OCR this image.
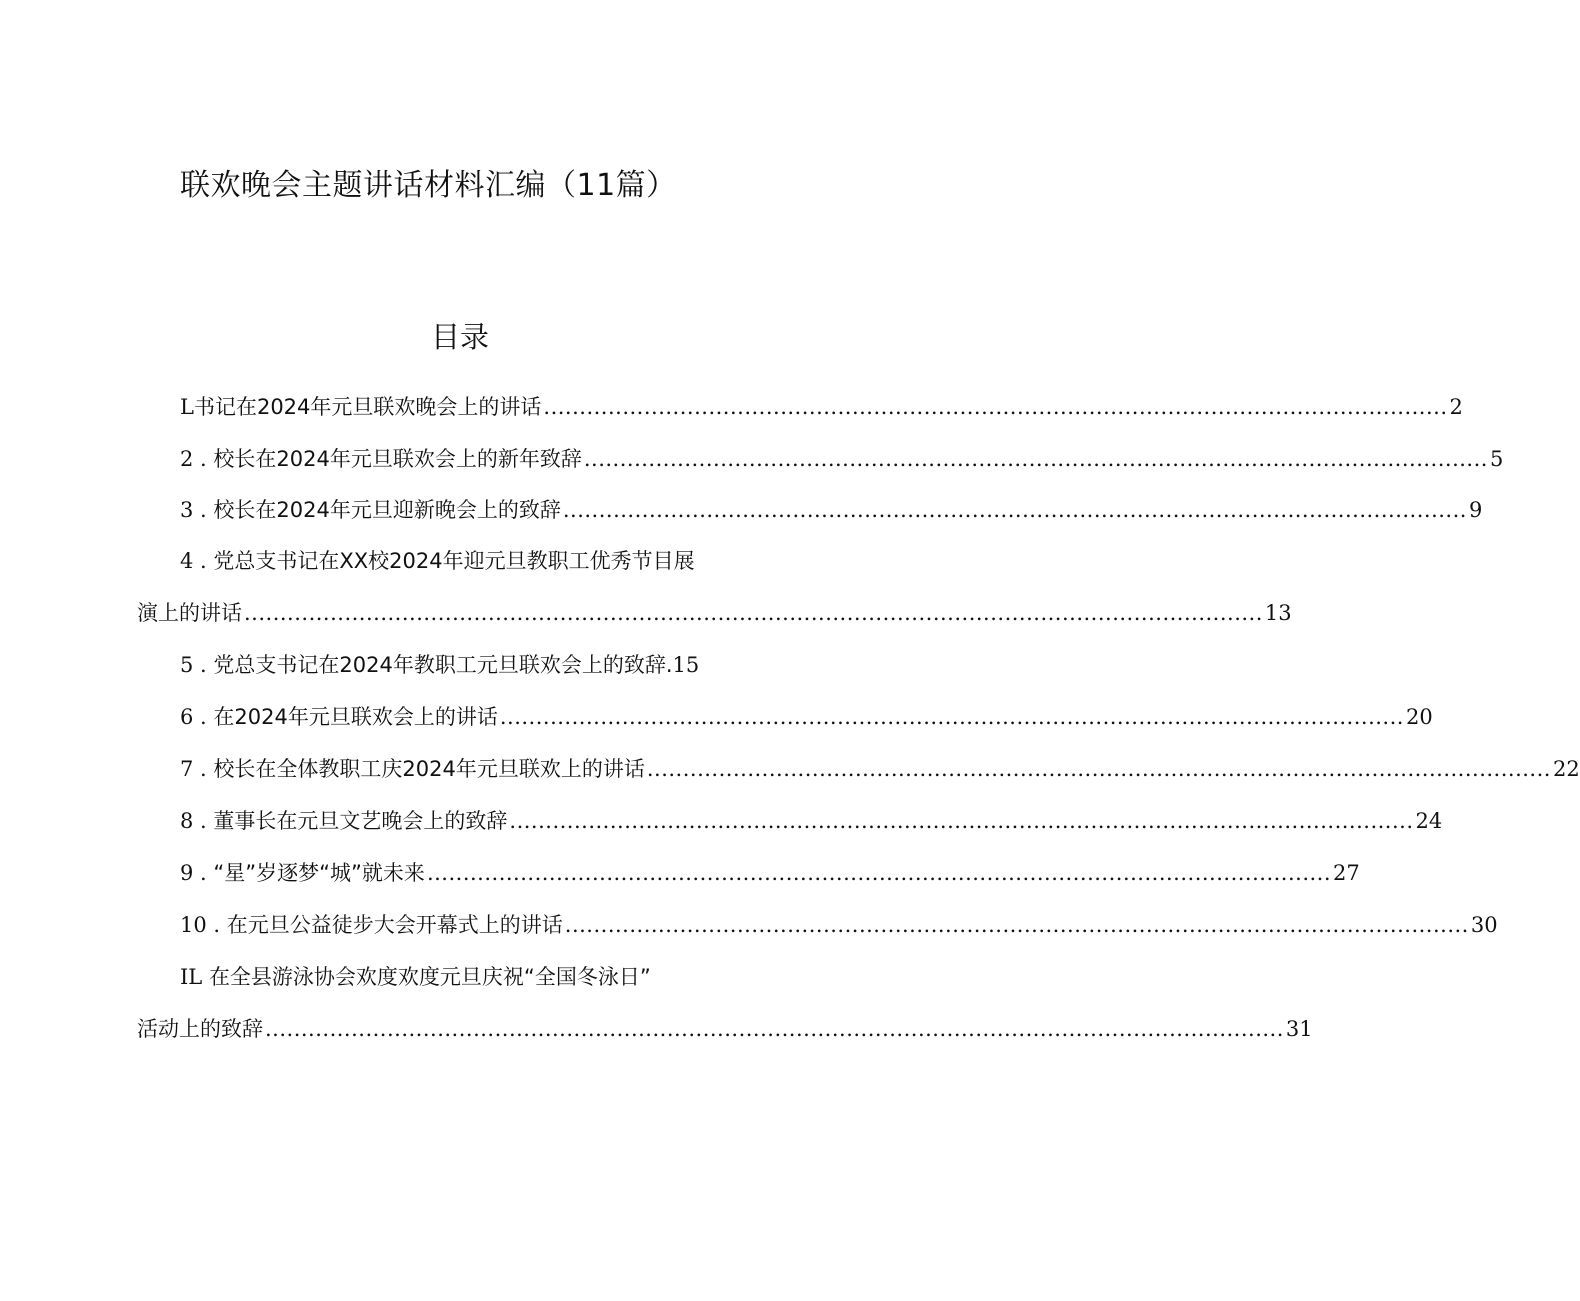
联欢晚会主题讲话材料汇编（11篇）
目录
L书记在2024年元旦联欢晚会上的讲话 .............................................................................................................................. 2
2 . 校长在2024年元旦联欢会上的新年致辞 .............................................................................................................................. 5
3 . 校长在2024年元旦迎新晚会上的致辞 .............................................................................................................................. 9
4 . 党总支书记在XX校2024年迎元旦教职工优秀节目展
演上的讲话 .............................................................................................................................................. 13
5 . 党总支书记在2024年教职工元旦联欢会上的致辞.15
6 . 在2024年元旦联欢会上的讲话 .............................................................................................................................. 20
7 . 校长在全体教职工庆2024年元旦联欢上的讲话 .............................................................................................................................. 22
8 . 董事长在元旦文艺晚会上的致辞 .............................................................................................................................. 24
9 . “星”岁逐梦“城”就未来 .............................................................................................................................. 27
10 . 在元旦公益徒步大会开幕式上的讲话 .............................................................................................................................. 30
IL 在全县游泳协会欢度欢度元旦庆祝“全国冬泳日”
活动上的致辞 .............................................................................................................................................. 31
